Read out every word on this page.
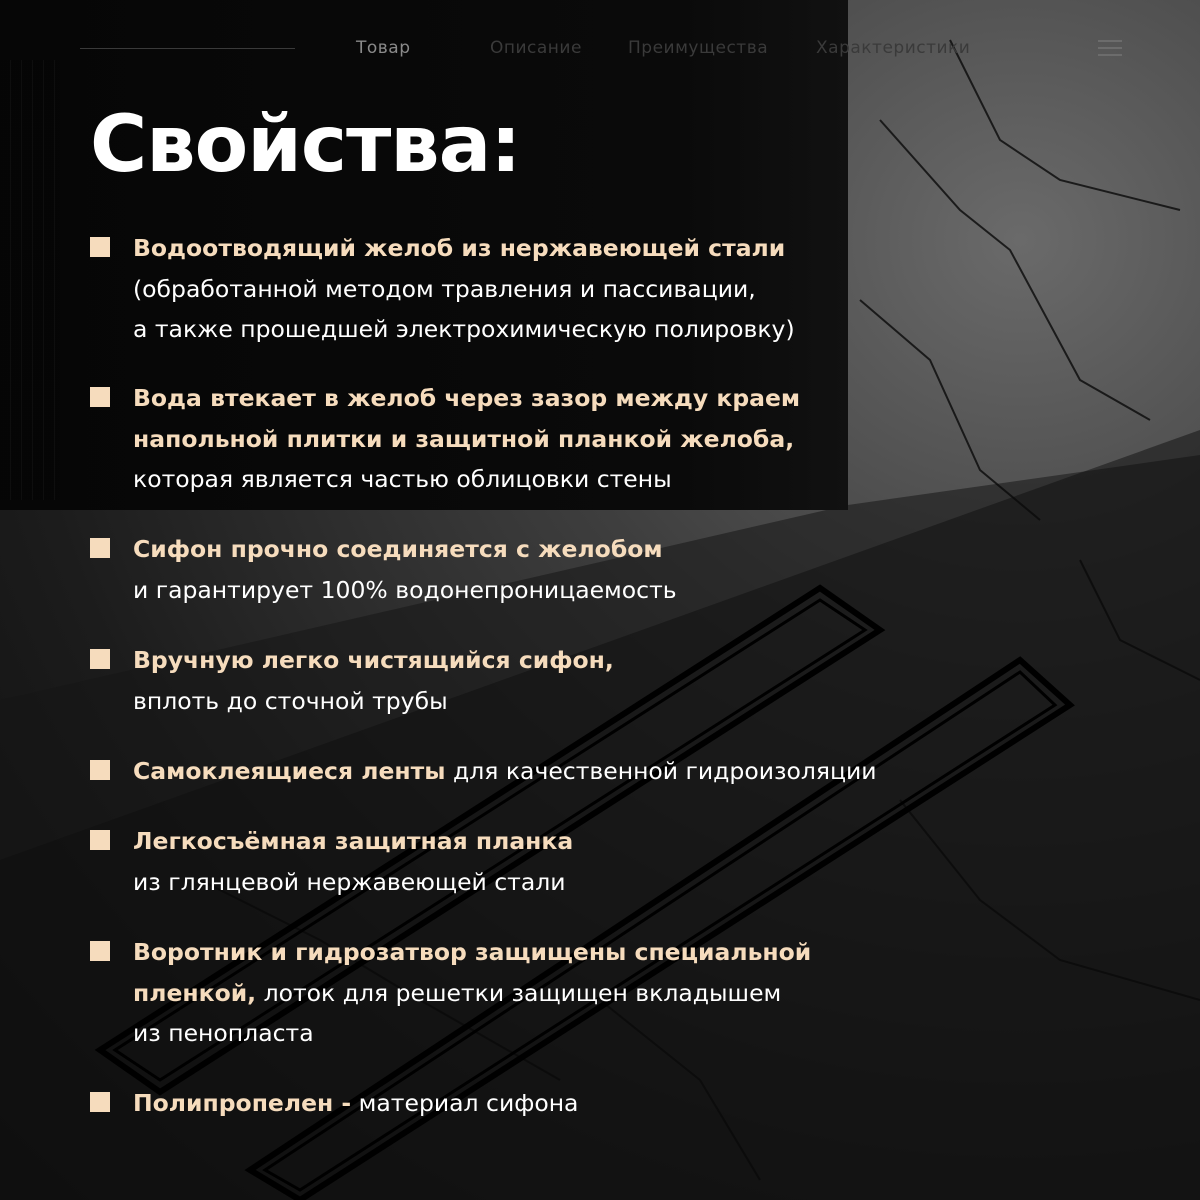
Товар	Описание	Преимущества	Характеристики
Свойства:
Водоотводящий желоб из нержавеющей стали
(обработанной методом травления и пассивации,
а также прошедшей электрохимическую полировку)
Вода втекает в желоб через зазор между краем
напольной плитки и защитной планкой желоба,
которая является частью облицовки стены
Сифон прочно соединяется с желобом
и гарантирует 100% водонепроницаемость
Вручную легко чистящийся сифон,
вплоть до сточной трубы
Самоклеящиеся ленты для качественной гидроизоляции
Легкосъёмная защитная планка
из глянцевой нержавеющей стали
Воротник и гидрозатвор защищены специальной
пленкой, лоток для решетки защищен вкладышем
из пенопласта
Полипропелен - материал сифона
